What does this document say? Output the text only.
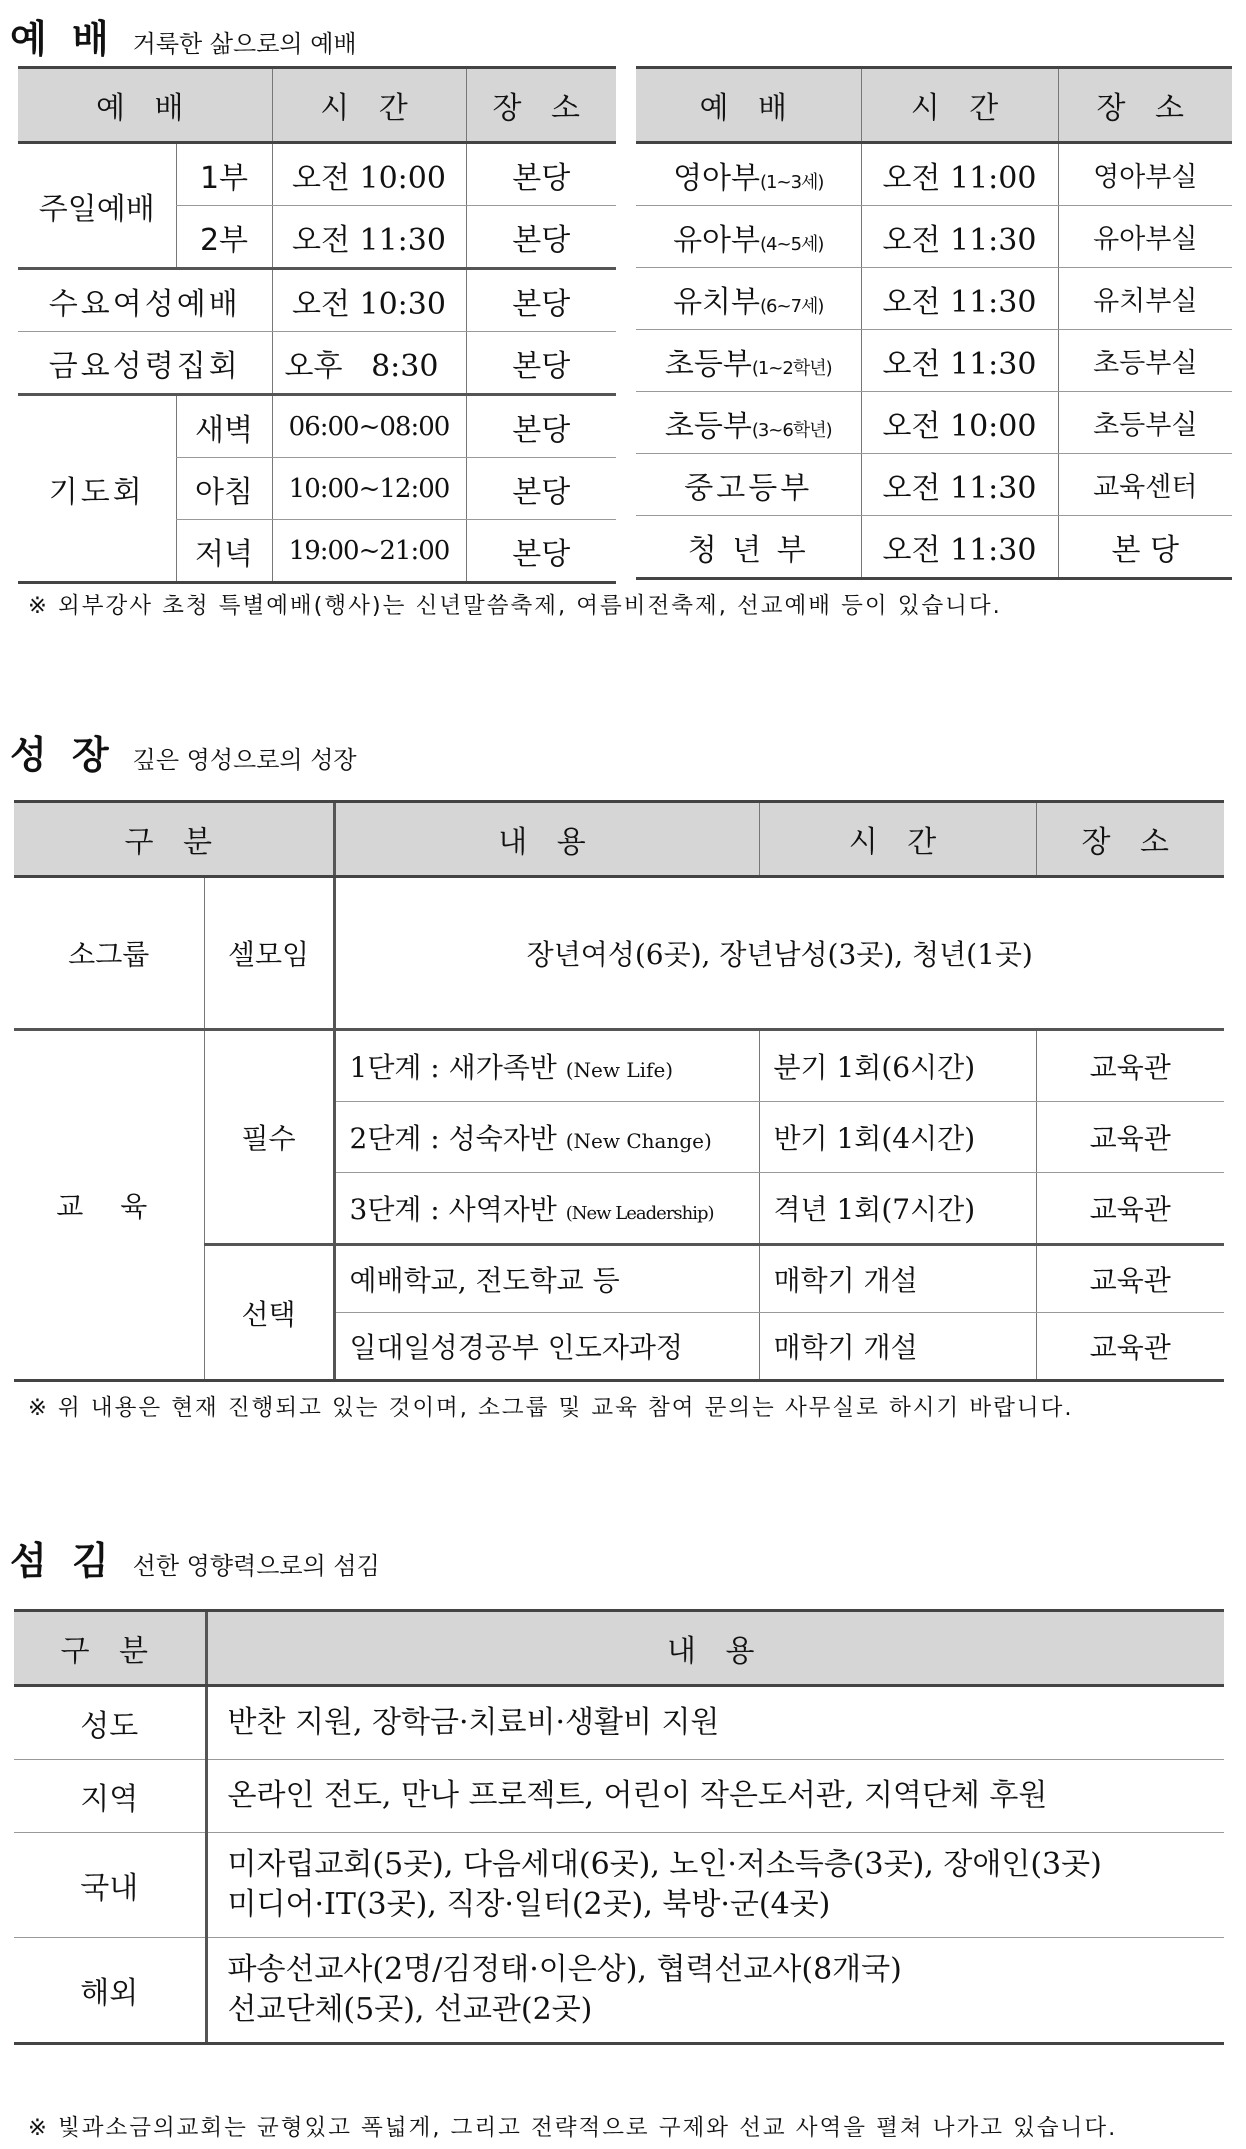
예 배 거룩한 삶으로의 예배
예 배		시 간	장 소
주일예배	1부	오전 10:00	본당
	2부	오전 11:30	본당
수요여성예배		오전 10:30	본당
금요성령집회		오후   8:30	본당
기도회	새벽	06:00~08:00	본당
	아침	10:00~12:00	본당
	저녁	19:00~21:00	본당
예 배	시 간	장 소
영아부(1~3세)	오전 11:00	영아부실
유아부(4~5세)	오전 11:30	유아부실
유치부(6~7세)	오전 11:30	유치부실
초등부(1~2학년)	오전 11:30	초등부실
초등부(3~6학년)	오전 10:00	초등부실
중고등부	오전 11:30	교육센터
청 년 부	오전 11:30	본 당
※ 외부강사 초청 특별예배(행사)는 신년말씀축제, 여름비전축제, 선교예배 등이 있습니다.
성 장 깊은 영성으로의 성장
구 분		내 용	시 간	장 소
소그룹	셀모임	장년여성(6곳), 장년남성(3곳), 청년(1곳)		
교 육	필수	1단계 : 새가족반 (New Life)	분기 1회(6시간)	교육관
		2단계 : 성숙자반 (New Change)	반기 1회(4시간)	교육관
		3단계 : 사역자반 (New Leadership)	격년 1회(7시간)	교육관
	선택	예배학교, 전도학교 등	매학기 개설	교육관
		일대일성경공부 인도자과정	매학기 개설	교육관
※ 위 내용은 현재 진행되고 있는 것이며, 소그룹 및 교육 참여 문의는 사무실로 하시기 바랍니다.
섬 김 선한 영향력으로의 섬김
구 분	내 용
성도	반찬 지원, 장학금·치료비·생활비 지원

지역	온라인 전도, 만나 프로젝트, 어린이 작은도서관, 지역단체 후원

국내	미자립교회(5곳), 다음세대(6곳), 노인·저소득층(3곳), 장애인(3곳)
미디어·IT(3곳), 직장·일터(2곳), 북방·군(4곳)

해외	파송선교사(2명/김정태·이은상), 협력선교사(8개국)
선교단체(5곳), 선교관(2곳)
※ 빛과소금의교회는 균형있고 폭넓게, 그리고 전략적으로 구제와 선교 사역을 펼쳐 나가고 있습니다.
